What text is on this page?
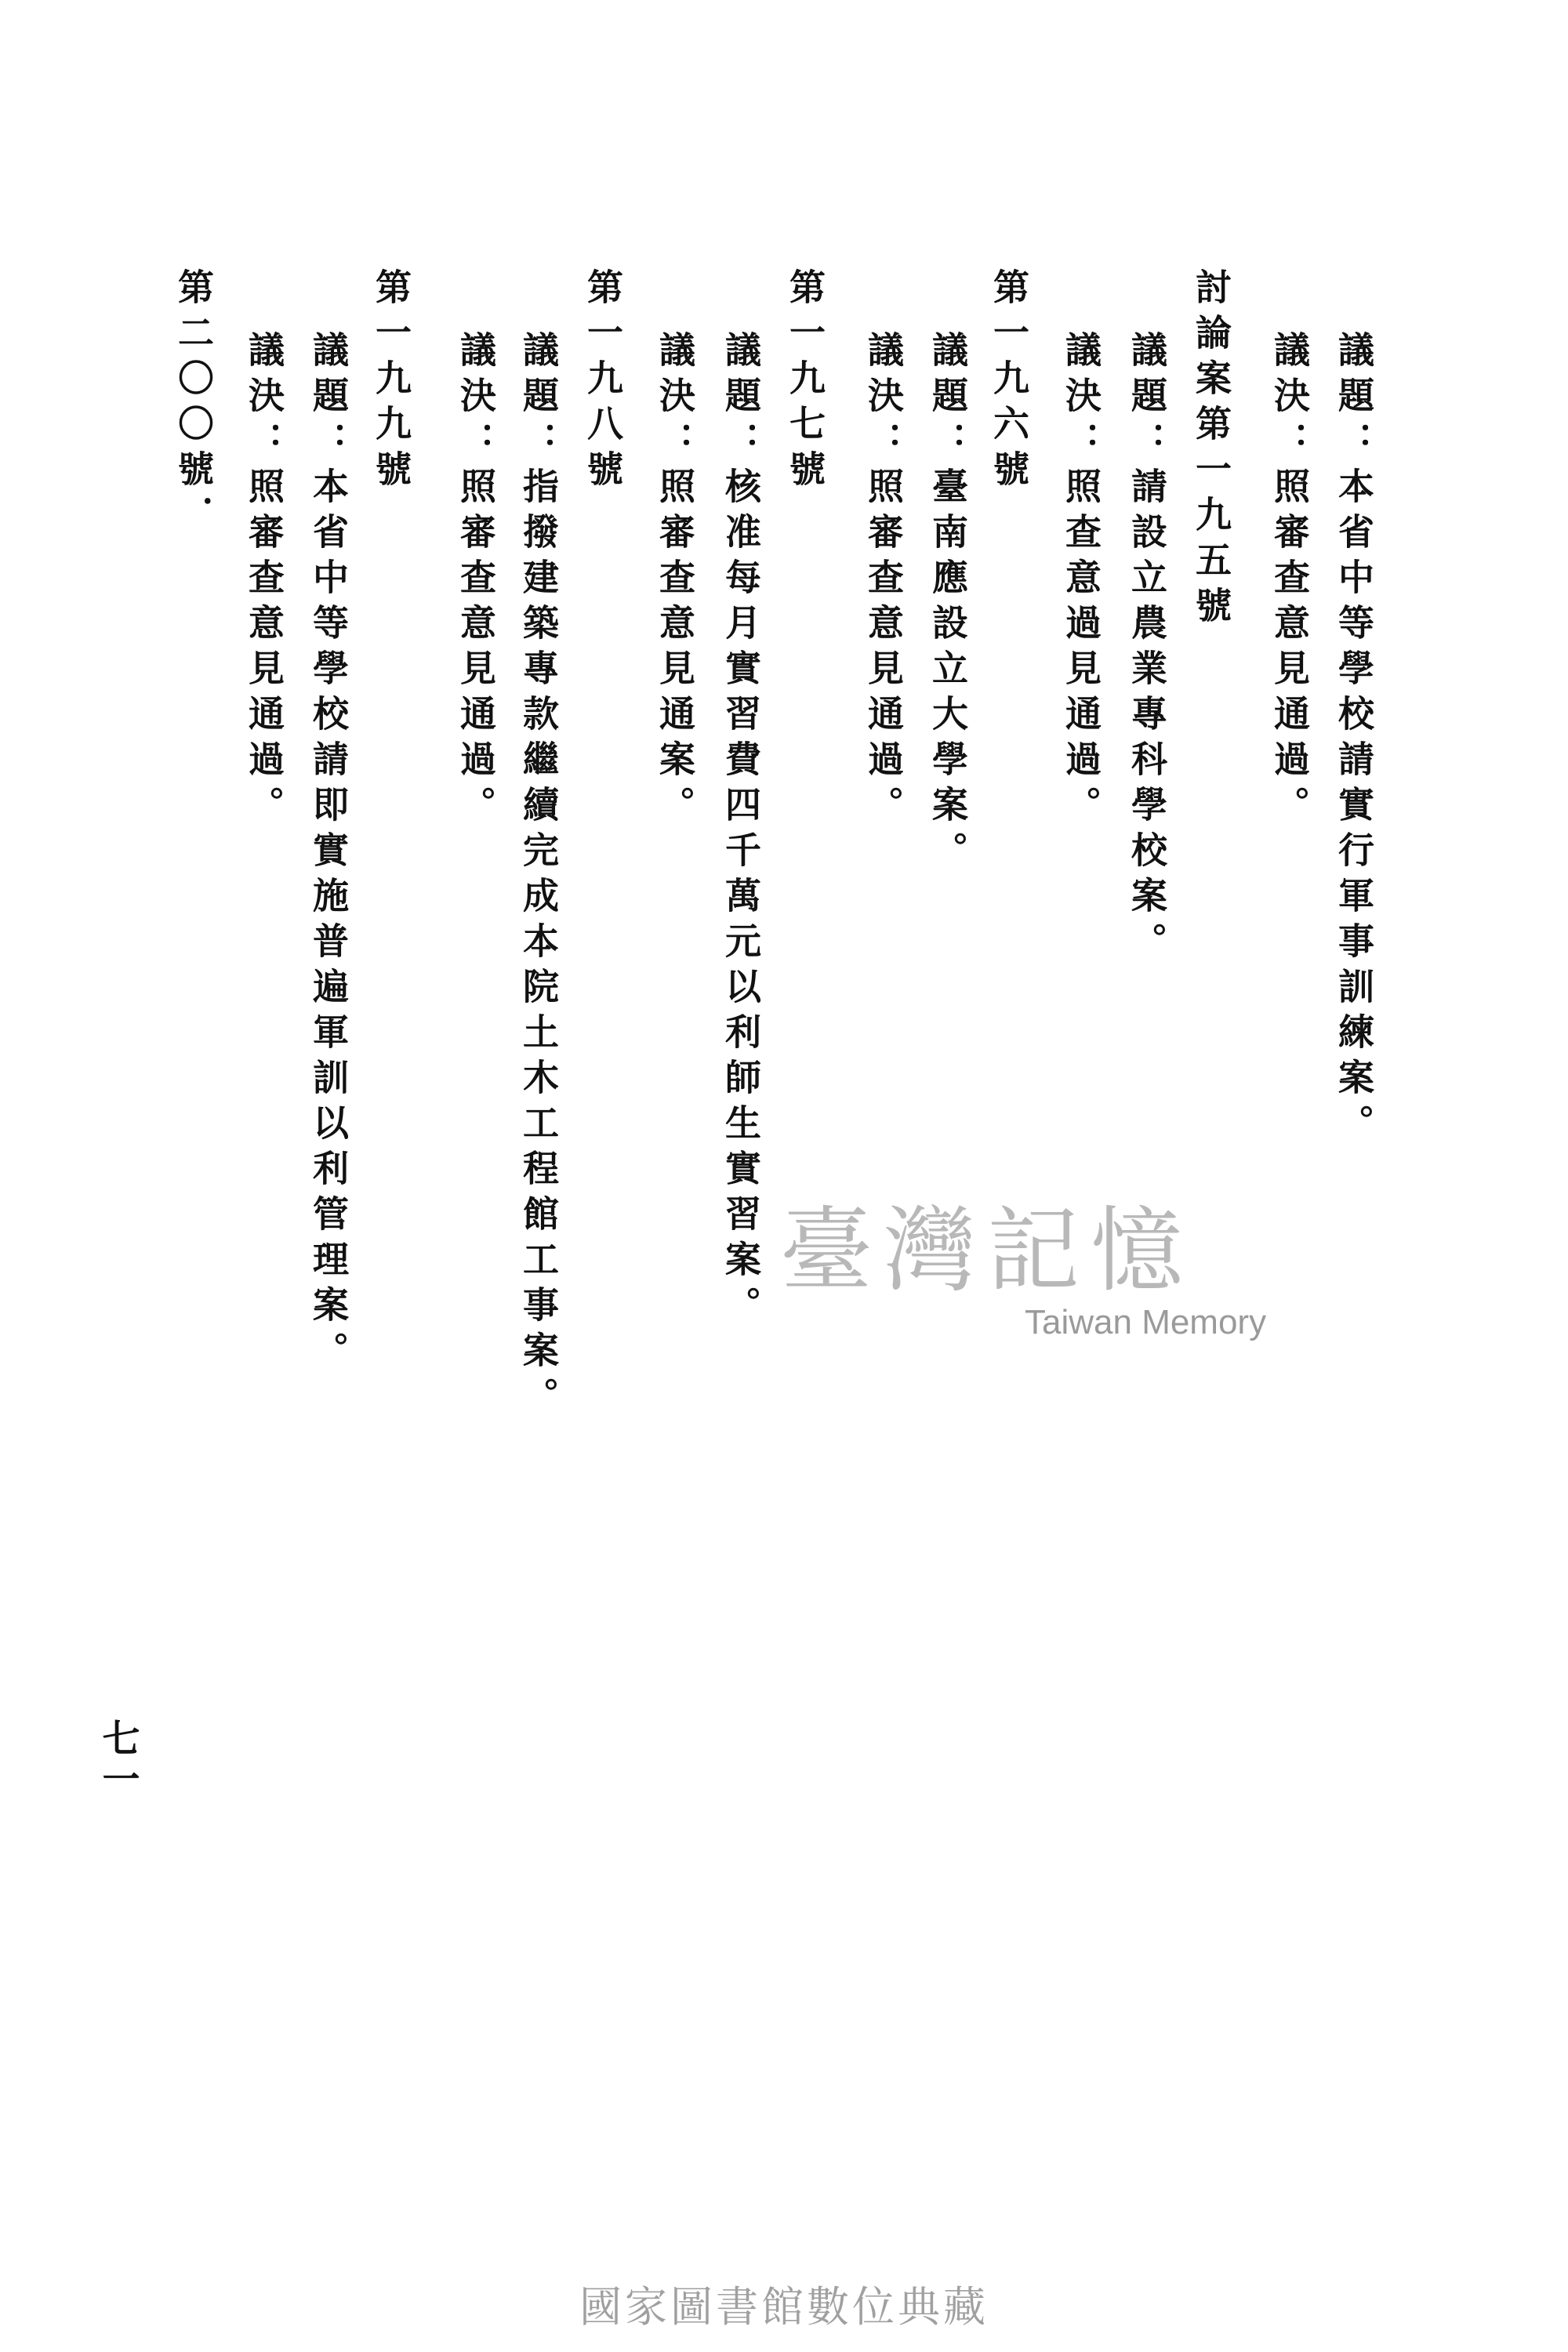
議題：本省中等學校請實行軍事訓練案。
議決：照審查意見通過。
討論案第一九五號
議題：請設立農業專科學校案。
議決：照查意過見通過。
第一九六號
議題：臺南應設立大學案。
議決：照審查意見通過。
第一九七號
議題：核准每月實習費四千萬元以利師生實習案。
議決：照審查意見通案。
第一九八號
議題：指撥建築專款繼續完成本院土木工程館工事案。
議決：照審查意見通過。
第一九九號
議題：本省中等學校請即實施普遍軍訓以利管理案。
議決：照審查意見通過。
第二〇〇號．
臺灣記憶
Taiwan Memory
七一
國家圖書館數位典藏
